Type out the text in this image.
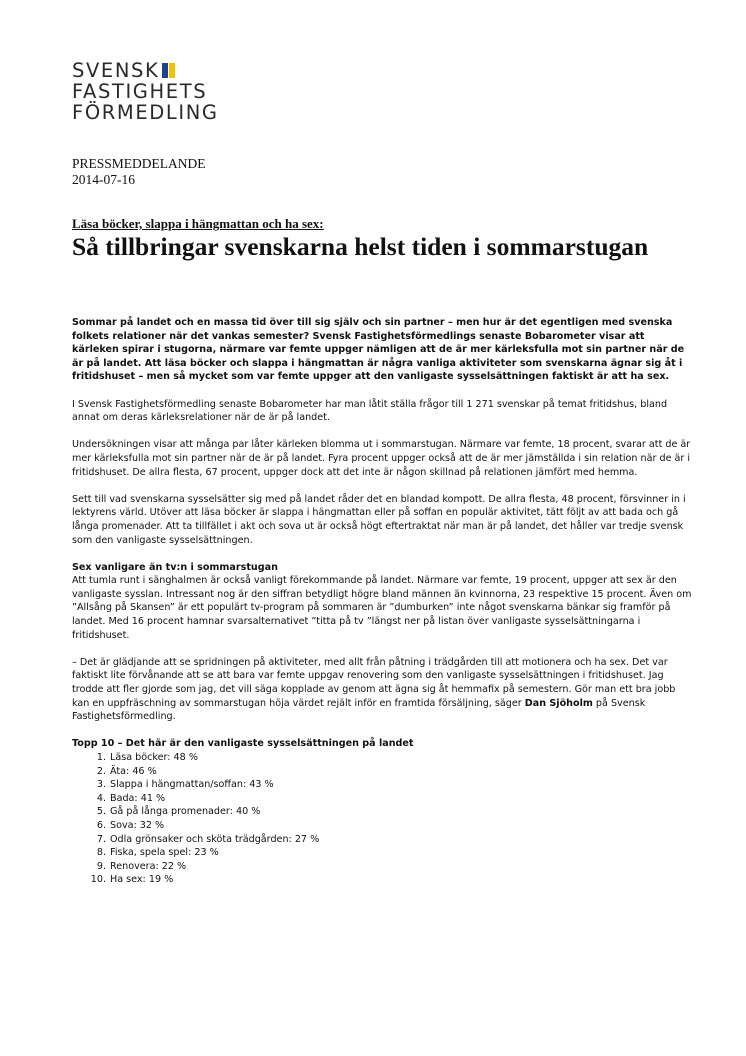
SVENSK
FASTIGHETS
FÖRMEDLING
PRESSMEDDELANDE
2014-07-16
Läsa böcker, slappa i hängmattan och ha sex:
Så tillbringar svenskarna helst tiden i sommarstugan

Sommar på landet och en massa tid över till sig själv och sin partner – men hur är det egentligen med svenska folkets relationer när det vankas semester? Svensk Fastighetsförmedlings senaste Bobarometer visar att kärleken spirar i stugorna, närmare var femte uppger nämligen att de är mer kärleksfulla mot sin partner när de är på landet. Att läsa böcker och slappa i hängmattan är några vanliga aktiviteter som svenskarna ägnar sig åt i fritidshuset – men så mycket som var femte uppger att den vanligaste sysselsättningen faktiskt är att ha sex.

I Svensk Fastighetsförmedling senaste Bobarometer har man låtit ställa frågor till 1 271 svenskar på temat fritidshus, bland annat om deras kärleksrelationer när de är på landet.

Undersökningen visar att många par låter kärleken blomma ut i sommarstugan. Närmare var femte, 18 procent, svarar att de är mer kärleksfulla mot sin partner när de är på landet. Fyra procent uppger också att de är mer jämställda i sin relation när de är i fritidshuset. De allra flesta, 67 procent, uppger dock att det inte är någon skillnad på relationen jämfört med hemma.

Sett till vad svenskarna sysselsätter sig med på landet råder det en blandad kompott. De allra flesta, 48 procent, försvinner in i lektyrens värld. Utöver att läsa böcker är slappa i hängmattan eller på soffan en populär aktivitet, tätt följt av att bada och gå långa promenader. Att ta tillfället i akt och sova ut är också högt eftertraktat när man är på landet, det håller var tredje svensk som den vanligaste sysselsättningen.

Sex vanligare än tv:n i sommarstugan

Att tumla runt i sänghalmen är också vanligt förekommande på landet. Närmare var femte, 19 procent, uppger att sex är den vanligaste sysslan. Intressant nog är den siffran betydligt högre bland männen än kvinnorna, 23 respektive 15 procent. Även om ”Allsång på Skansen” är ett populärt tv-program på sommaren är ”dumburken” inte något svenskarna bänkar sig framför på landet. Med 16 procent hamnar svarsalternativet ”titta på tv ”längst ner på listan över vanligaste sysselsättningarna i fritidshuset.

– Det är glädjande att se spridningen på aktiviteter, med allt från påtning i trädgården till att motionera och ha sex. Det var faktiskt lite förvånande att se att bara var femte uppgav renovering som den vanligaste sysselsättningen i fritidshuset. Jag trodde att fler gjorde som jag, det vill säga kopplade av genom att ägna sig åt hemmafix på semestern. Gör man ett bra jobb kan en uppfräschning av sommarstugan höja värdet rejält inför en framtida försäljning, säger Dan Sjöholm på Svensk Fastighetsförmedling.

Topp 10 – Det här är den vanligaste sysselsättningen på landet

1. Läsa böcker: 48 %
2. Äta: 46 %
3. Slappa i hängmattan/soffan: 43 %
4. Bada: 41 %
5. Gå på långa promenader: 40 %
6. Sova: 32 %
7. Odla grönsaker och sköta trädgården: 27 %
8. Fiska, spela spel: 23 %
9. Renovera: 22 %
10. Ha sex: 19 %
